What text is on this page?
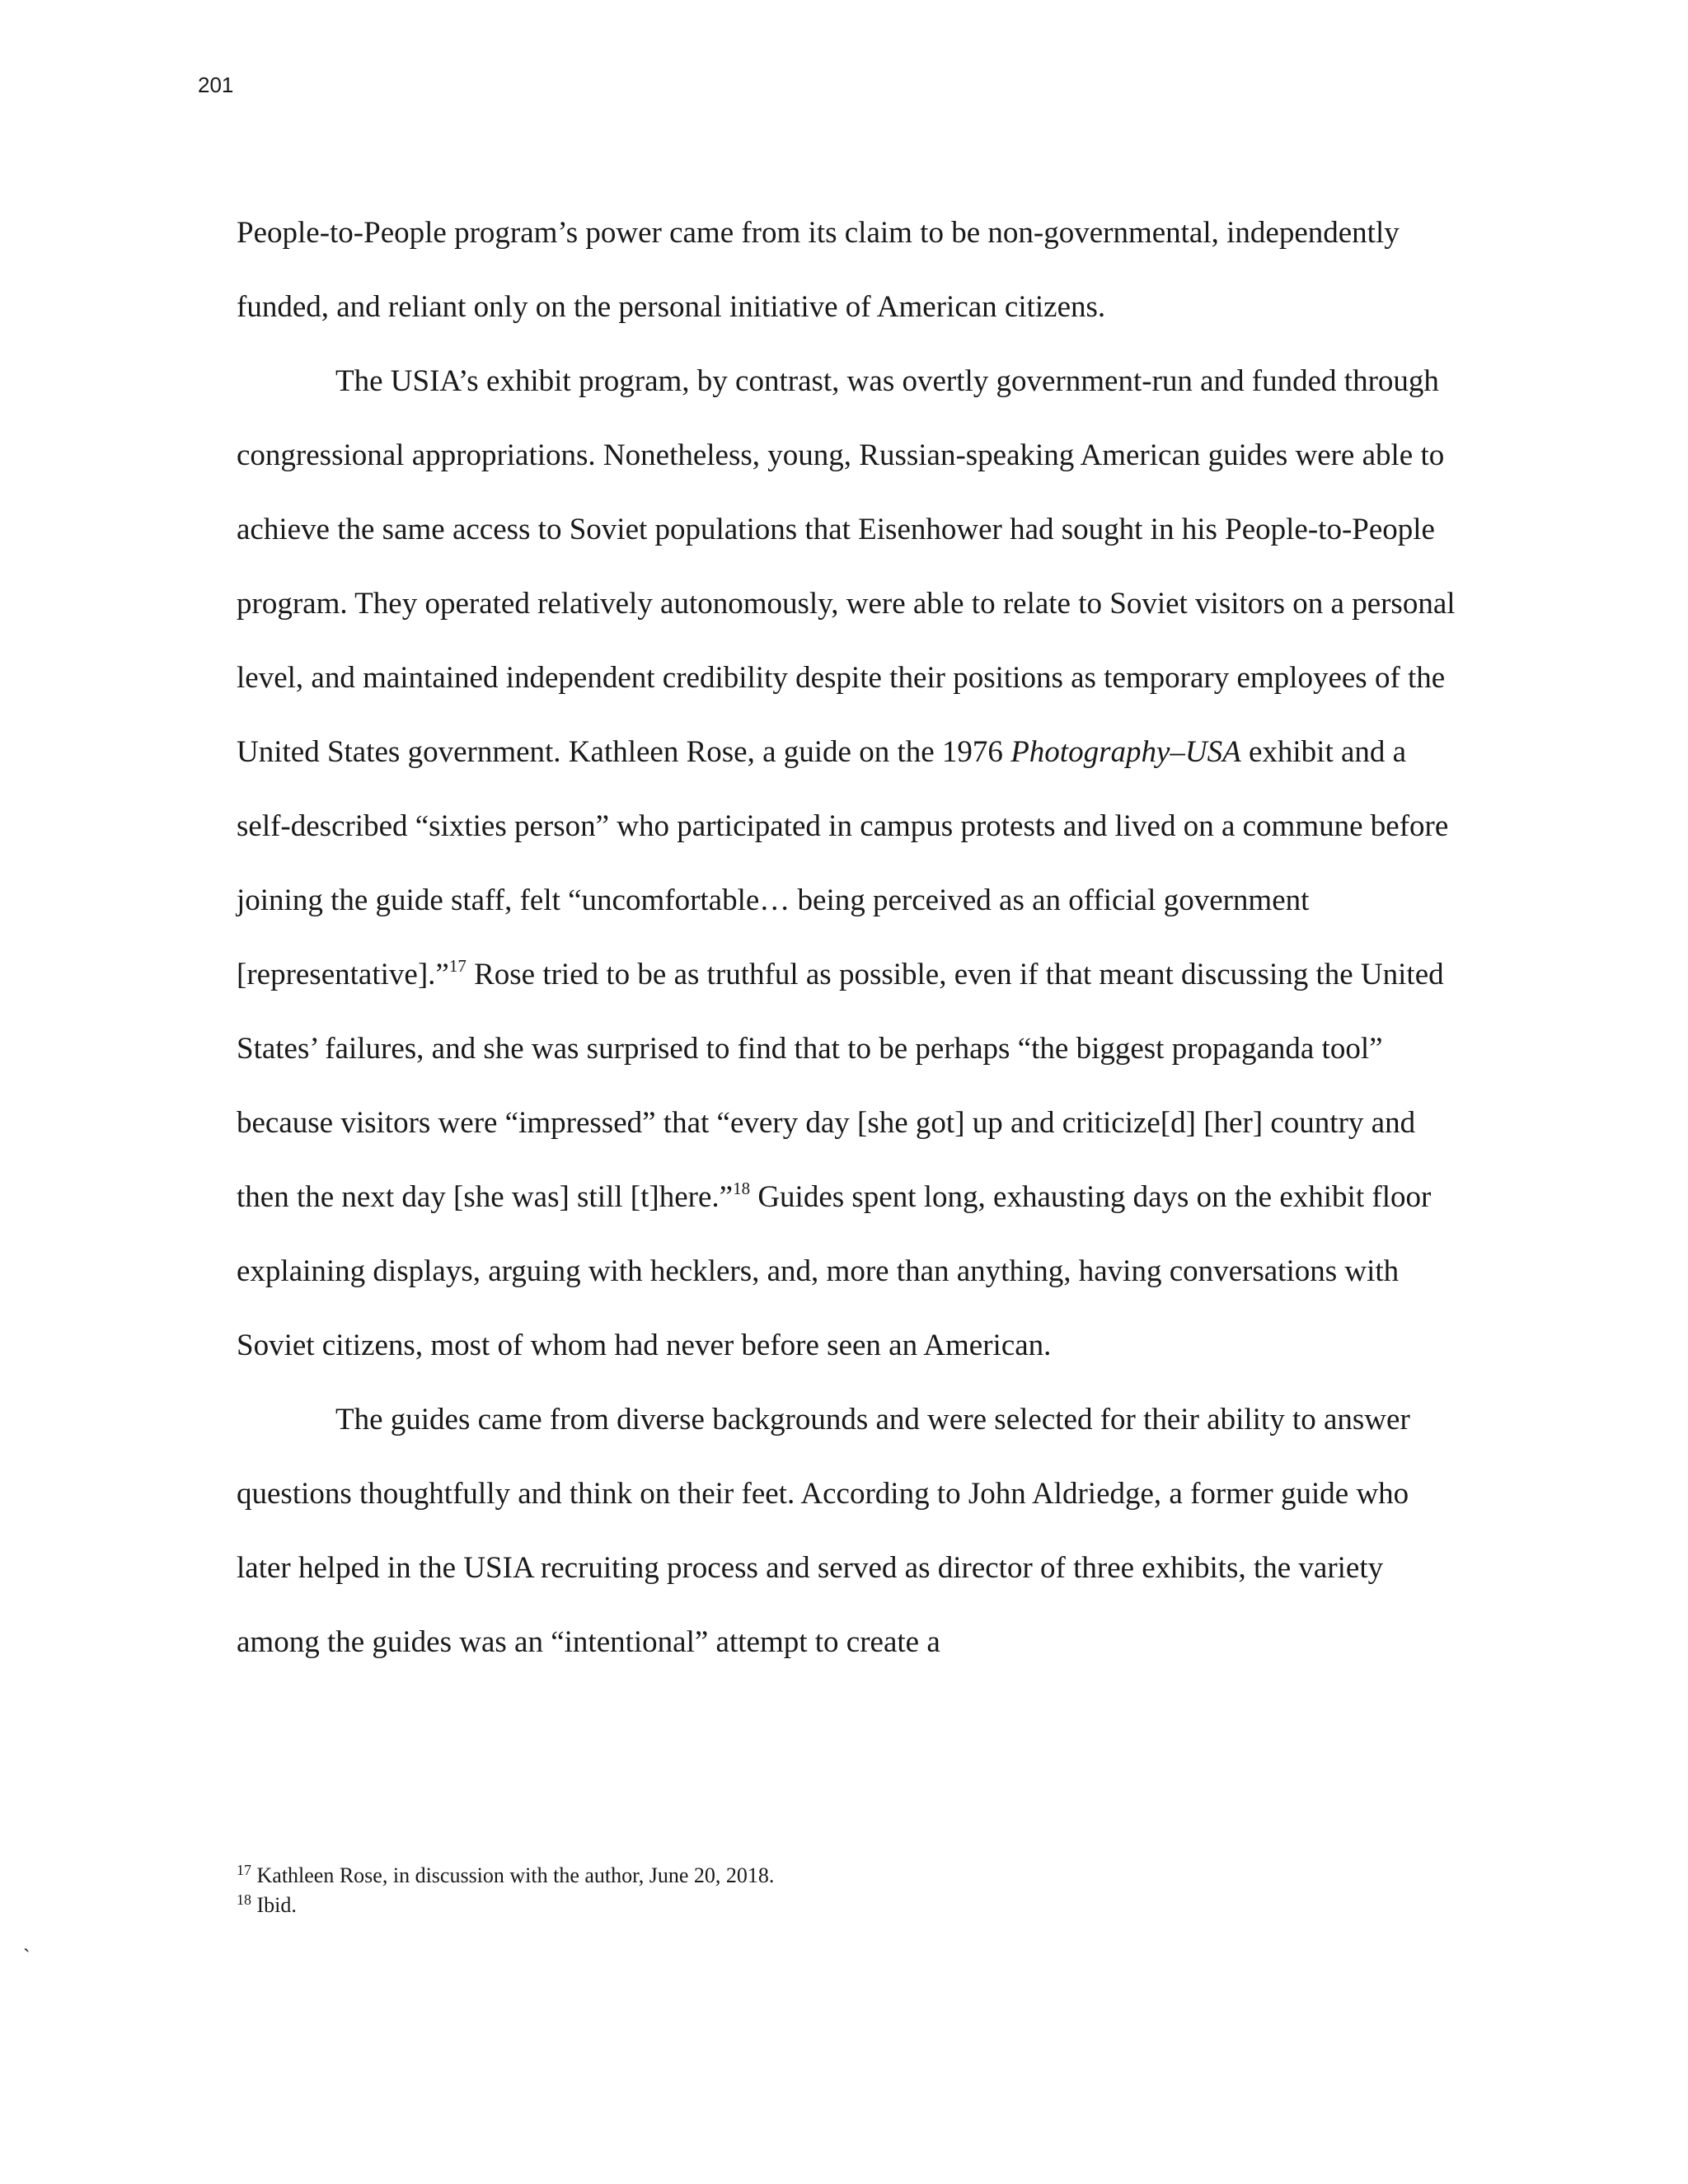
201

People-to-People program’s power came from its claim to be non-governmental, independently funded, and reliant only on the personal initiative of American citizens.

The USIA’s exhibit program, by contrast, was overtly government-run and funded through congressional appropriations. Nonetheless, young, Russian-speaking American guides were able to achieve the same access to Soviet populations that Eisenhower had sought in his People-to-People program. They operated relatively autonomously, were able to relate to Soviet visitors on a personal level, and maintained independent credibility despite their positions as temporary employees of the United States government. Kathleen Rose, a guide on the 1976 Photography–USA exhibit and a self-described “sixties person” who participated in campus protests and lived on a commune before joining the guide staff, felt “uncomfortable… being perceived as an official government [representative].”$^{17}$ Rose tried to be as truthful as possible, even if that meant discussing the United States’ failures, and she was surprised to find that to be perhaps “the biggest propaganda tool” because visitors were “impressed” that “every day [she got] up and criticize[d] [her] country and then the next day [she was] still [t]here.”$^{18}$ Guides spent long, exhausting days on the exhibit floor explaining displays, arguing with hecklers, and, more than anything, having conversations with Soviet citizens, most of whom had never before seen an American.

The guides came from diverse backgrounds and were selected for their ability to answer questions thoughtfully and think on their feet. According to John Aldriedge, a former guide who later helped in the USIA recruiting process and served as director of three exhibits, the variety among the guides was an “intentional” attempt to create a

$^{17}$ Kathleen Rose, in discussion with the author, June 20, 2018.
$^{18}$ Ibid.
`
